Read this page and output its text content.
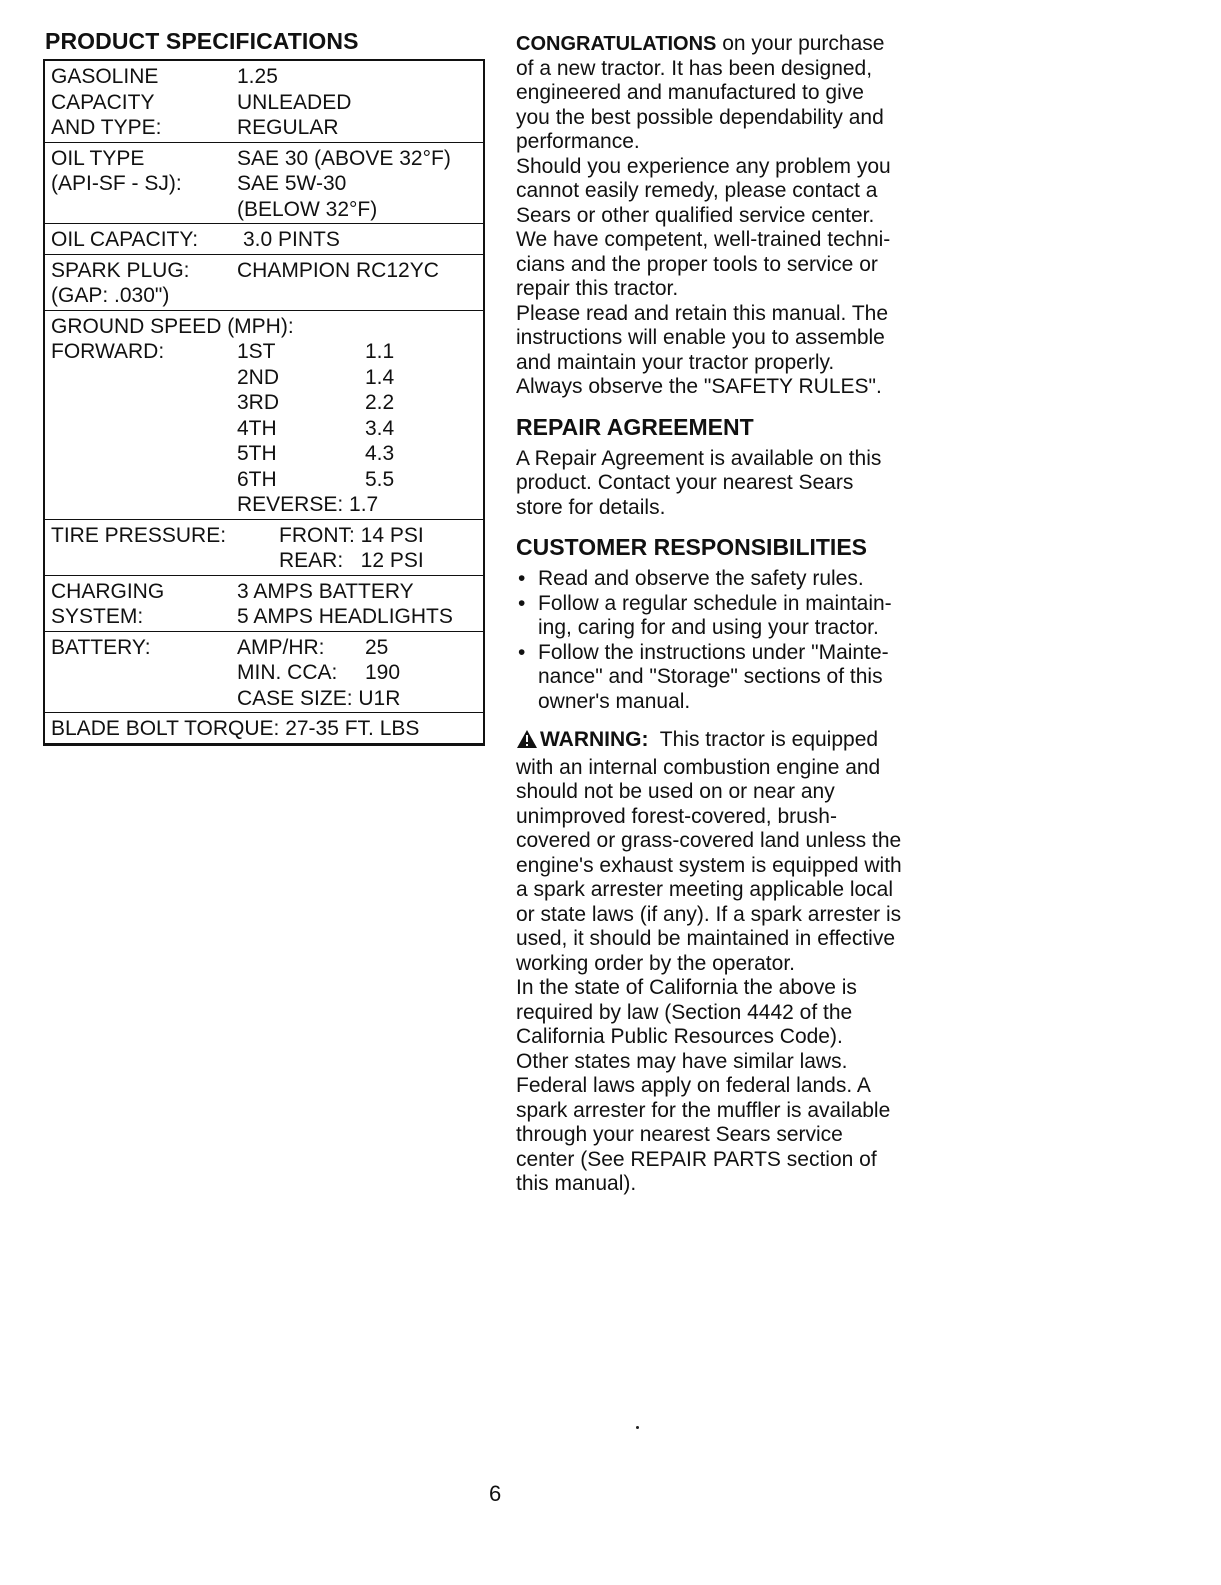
PRODUCT SPECIFICATIONS
GASOLINE	1.25
CAPACITY	UNLEADED
AND TYPE:	REGULAR
OIL TYPE	SAE 30 (ABOVE 32°F)
(API-SF - SJ):	SAE 5W-30
(BELOW 32°F)
OIL CAPACITY: 3.0 PINTS
SPARK PLUG: CHAMPION RC12YC
(GAP: .030")
GROUND SPEED (MPH):
FORWARD:	1ST	1.1
2ND	1.4
3RD	2.2
4TH	3.4
5TH	4.3
6TH	5.5
REVERSE: 1.7
TIRE PRESSURE:	FRONT: 14 PSI
REAR:   12 PSI
CHARGING	3 AMPS BATTERY
SYSTEM:	5 AMPS HEADLIGHTS
BATTERY:	AMP/HR: 25
MIN. CCA: 190
CASE SIZE: U1R
BLADE BOLT TORQUE: 27-35 FT. LBS
CONGRATULATIONS on your purchase
of a new tractor. It has been designed,
engineered and manufactured to give
you the best possible dependability and
performance.
Should you experience any problem you
cannot easily remedy, please contact a
Sears or other qualified service center.
We have competent, well-trained techni-
cians and the proper tools to service or
repair this tractor.
Please read and retain this manual. The
instructions will enable you to assemble
and maintain your tractor properly.
Always observe the "SAFETY RULES".
REPAIR AGREEMENT
A Repair Agreement is available on this
product. Contact your nearest Sears
store for details.
CUSTOMER RESPONSIBILITIES
• Read and observe the safety rules.
• Follow a regular schedule in maintain-
ing, caring for and using your tractor.
• Follow the instructions under "Mainte-
nance" and "Storage" sections of this
owner's manual.
WARNING:  This tractor is equipped
with an internal combustion engine and
should not be used on or near any
unimproved forest-covered, brush-
covered or grass-covered land unless the
engine's exhaust system is equipped with
a spark arrester meeting applicable local
or state laws (if any). If a spark arrester is
used, it should be maintained in effective
working order by the operator.
In the state of California the above is
required by law (Section 4442 of the
California Public Resources Code).
Other states may have similar laws.
Federal laws apply on federal lands. A
spark arrester for the muffler is available
through your nearest Sears service
center (See REPAIR PARTS section of
this manual).
6
